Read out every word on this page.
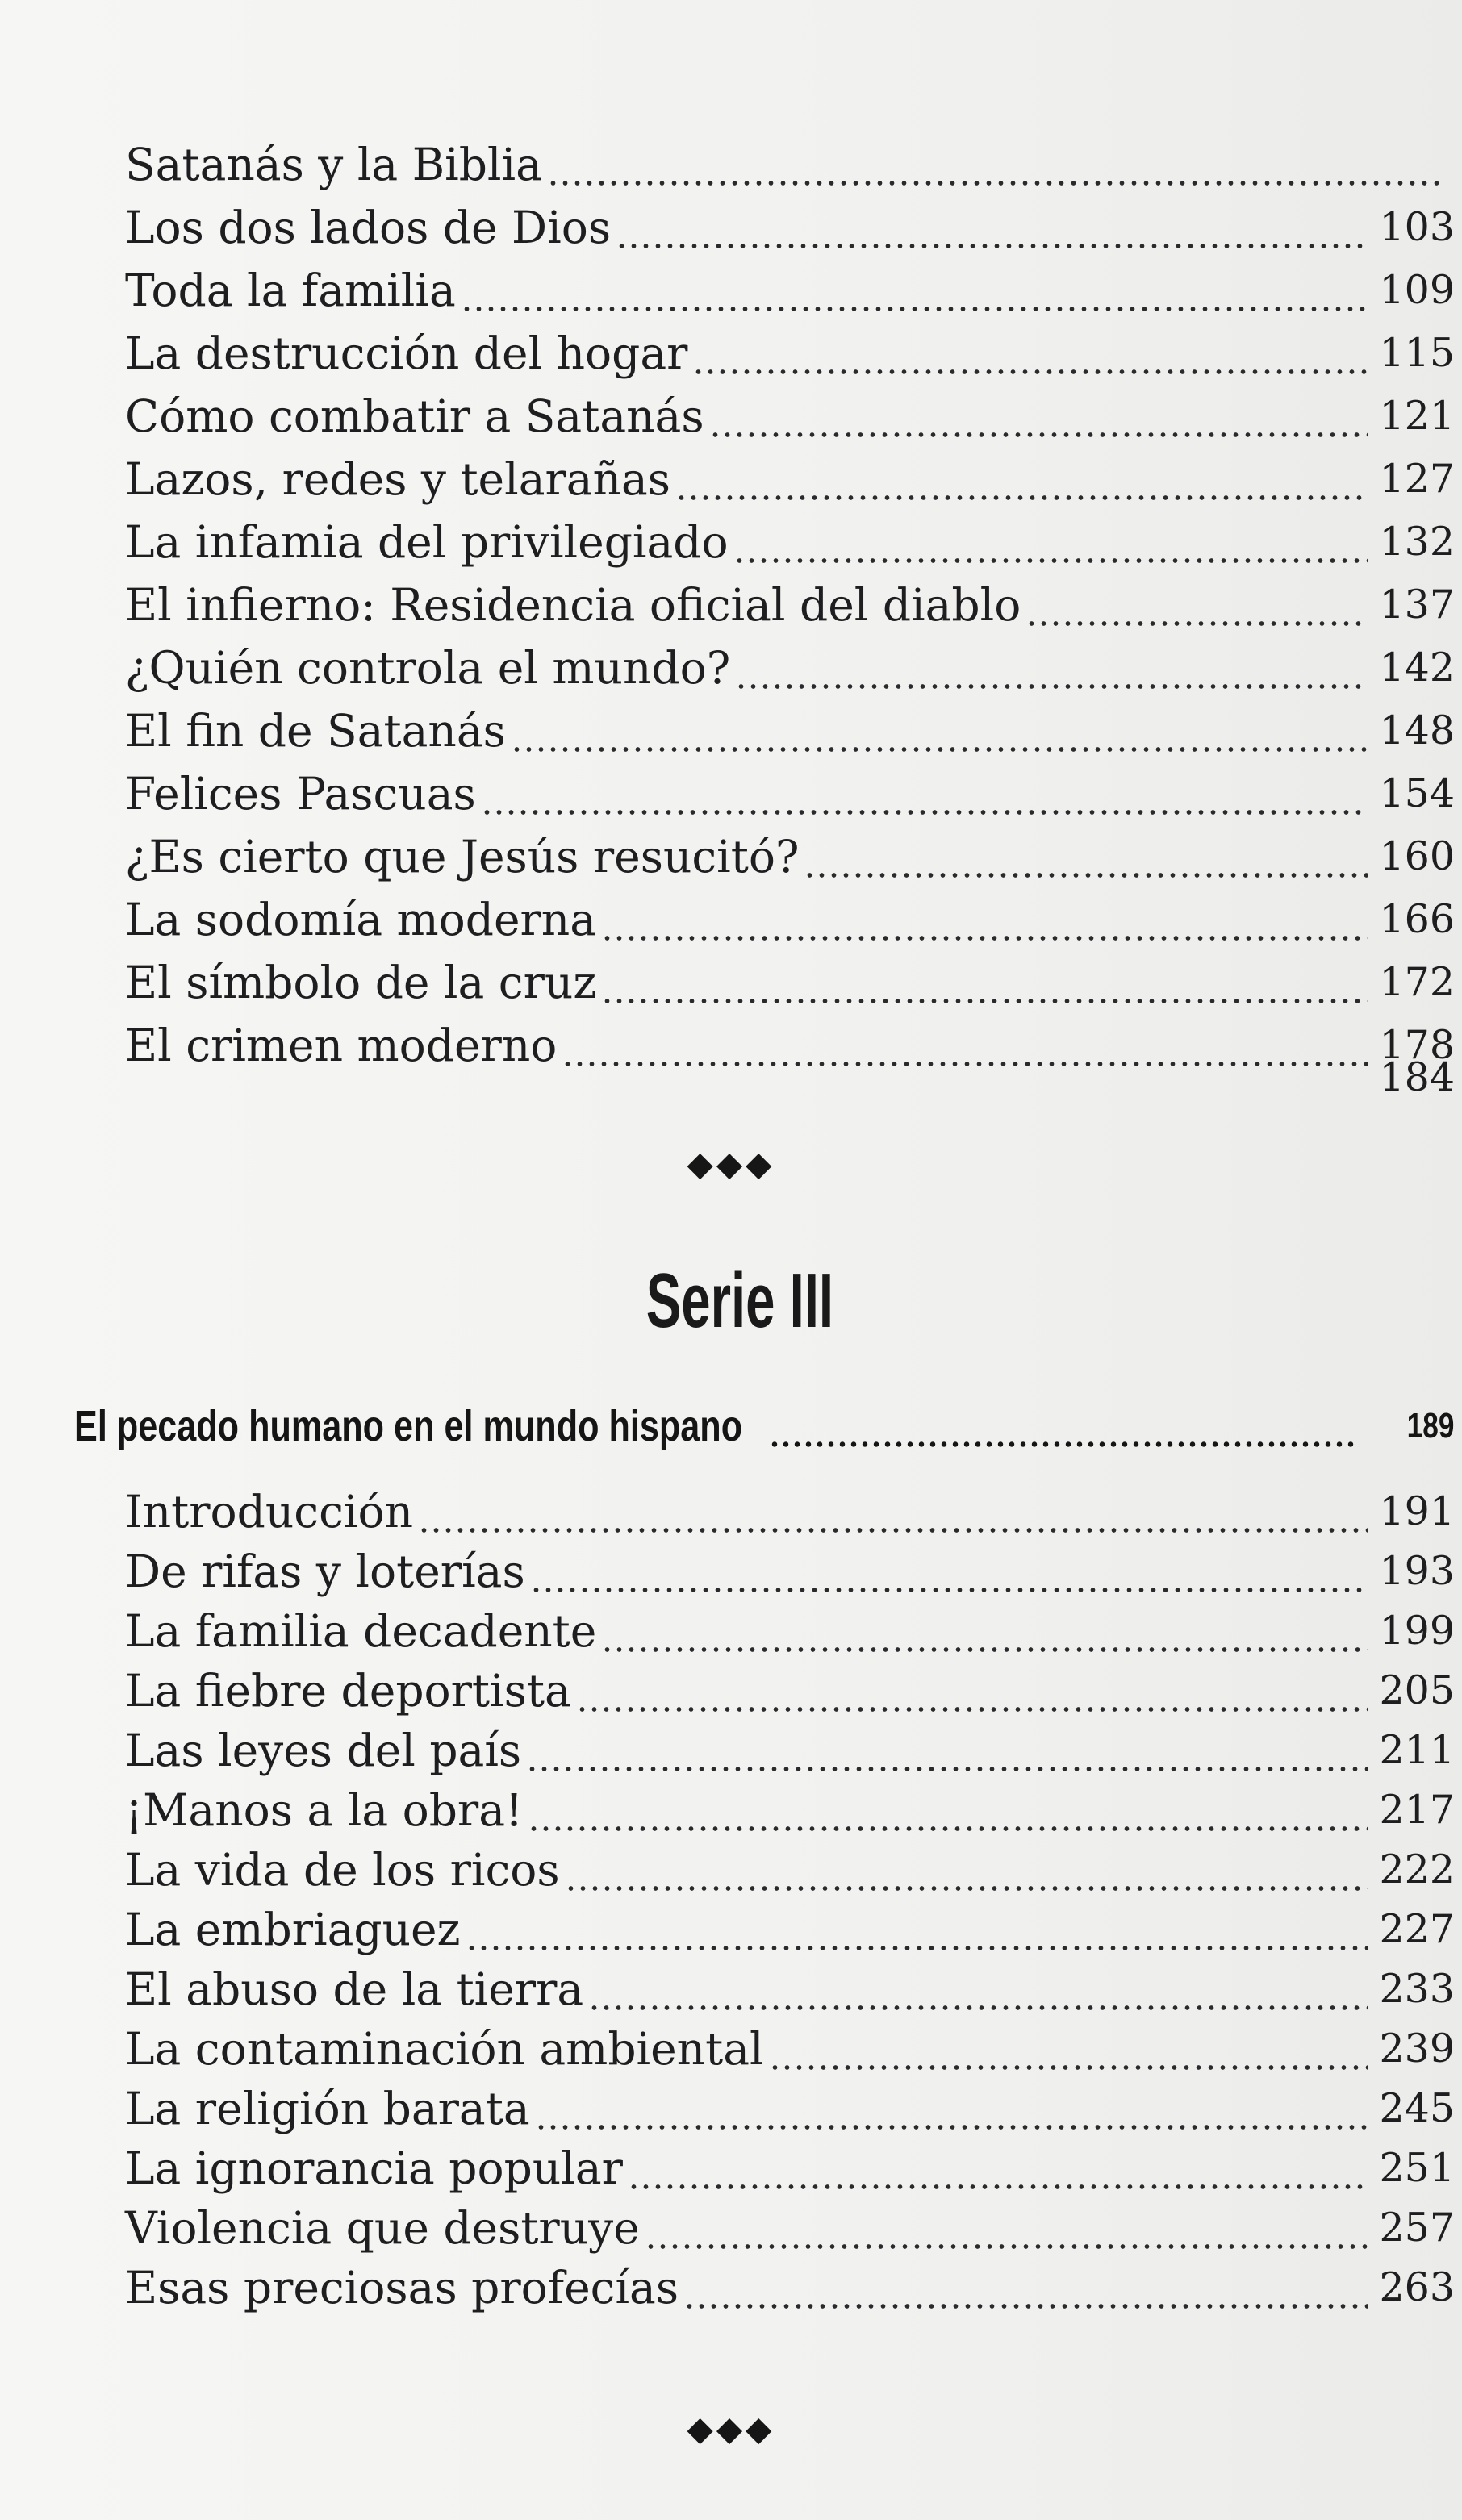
Satanás y la Biblia
Los dos lados de Dios	103
Toda la familia	109
La destrucción del hogar	115
Cómo combatir a Satanás	121
Lazos, redes y telarañas	127
La infamia del privilegiado	132
El infierno: Residencia oficial del diablo	137
¿Quién controla el mundo?	142
El fin de Satanás	148
Felices Pascuas	154
¿Es cierto que Jesús resucitó?	160
La sodomía moderna	166
El símbolo de la cruz	172
El crimen moderno	178
184
◆◆◆
Serie III
El pecado humano en el mundo hispano	189
Introducción	191
De rifas y loterías	193
La familia decadente	199
La fiebre deportista	205
Las leyes del país	211
¡Manos a la obra!	217
La vida de los ricos	222
La embriaguez	227
El abuso de la tierra	233
La contaminación ambiental	239
La religión barata	245
La ignorancia popular	251
Violencia que destruye	257
Esas preciosas profecías	263
◆◆◆
